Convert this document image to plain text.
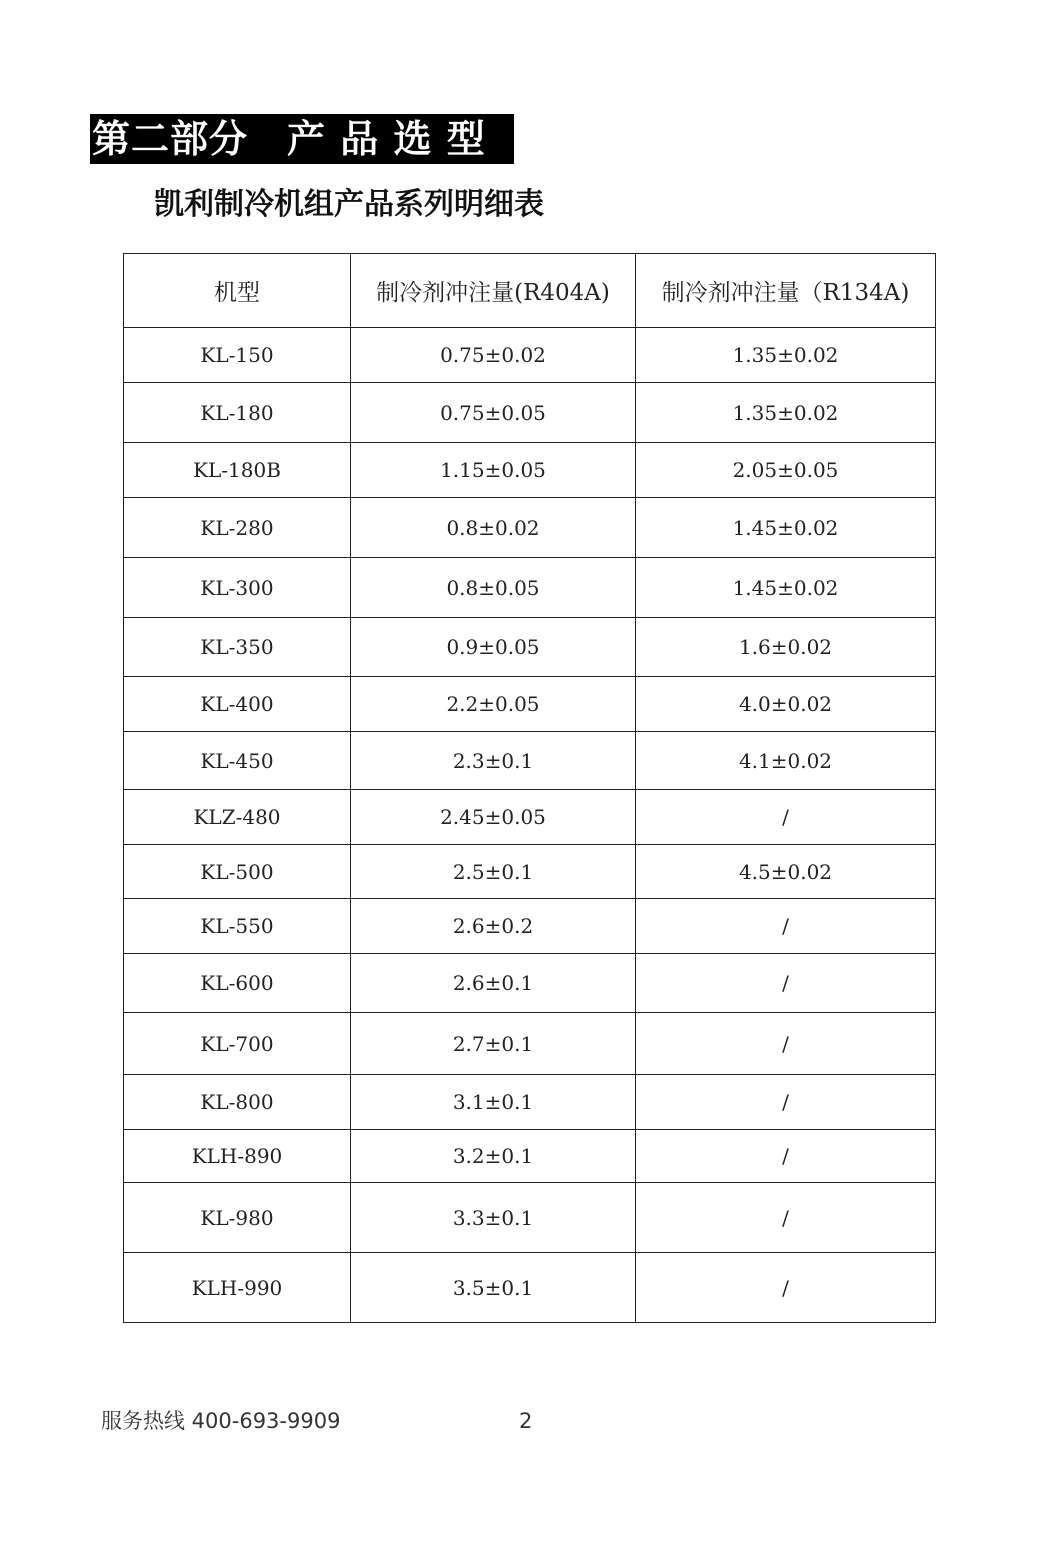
第二部分　产 品 选 型
凯利制冷机组产品系列明细表
机型	制冷剂冲注量(R404A)	制冷剂冲注量（R134A)
KL-150	0.75±0.02	1.35±0.02
KL-180	0.75±0.05	1.35±0.02
KL-180B	1.15±0.05	2.05±0.05
KL-280	0.8±0.02	1.45±0.02
KL-300	0.8±0.05	1.45±0.02
KL-350	0.9±0.05	1.6±0.02
KL-400	2.2±0.05	4.0±0.02
KL-450	2.3±0.1	4.1±0.02
KLZ-480	2.45±0.05	/
KL-500	2.5±0.1	4.5±0.02
KL-550	2.6±0.2	/
KL-600	2.6±0.1	/
KL-700	2.7±0.1	/
KL-800	3.1±0.1	/
KLH-890	3.2±0.1	/
KL-980	3.3±0.1	/
KLH-990	3.5±0.1	/
服务热线 400-693-9909	2
